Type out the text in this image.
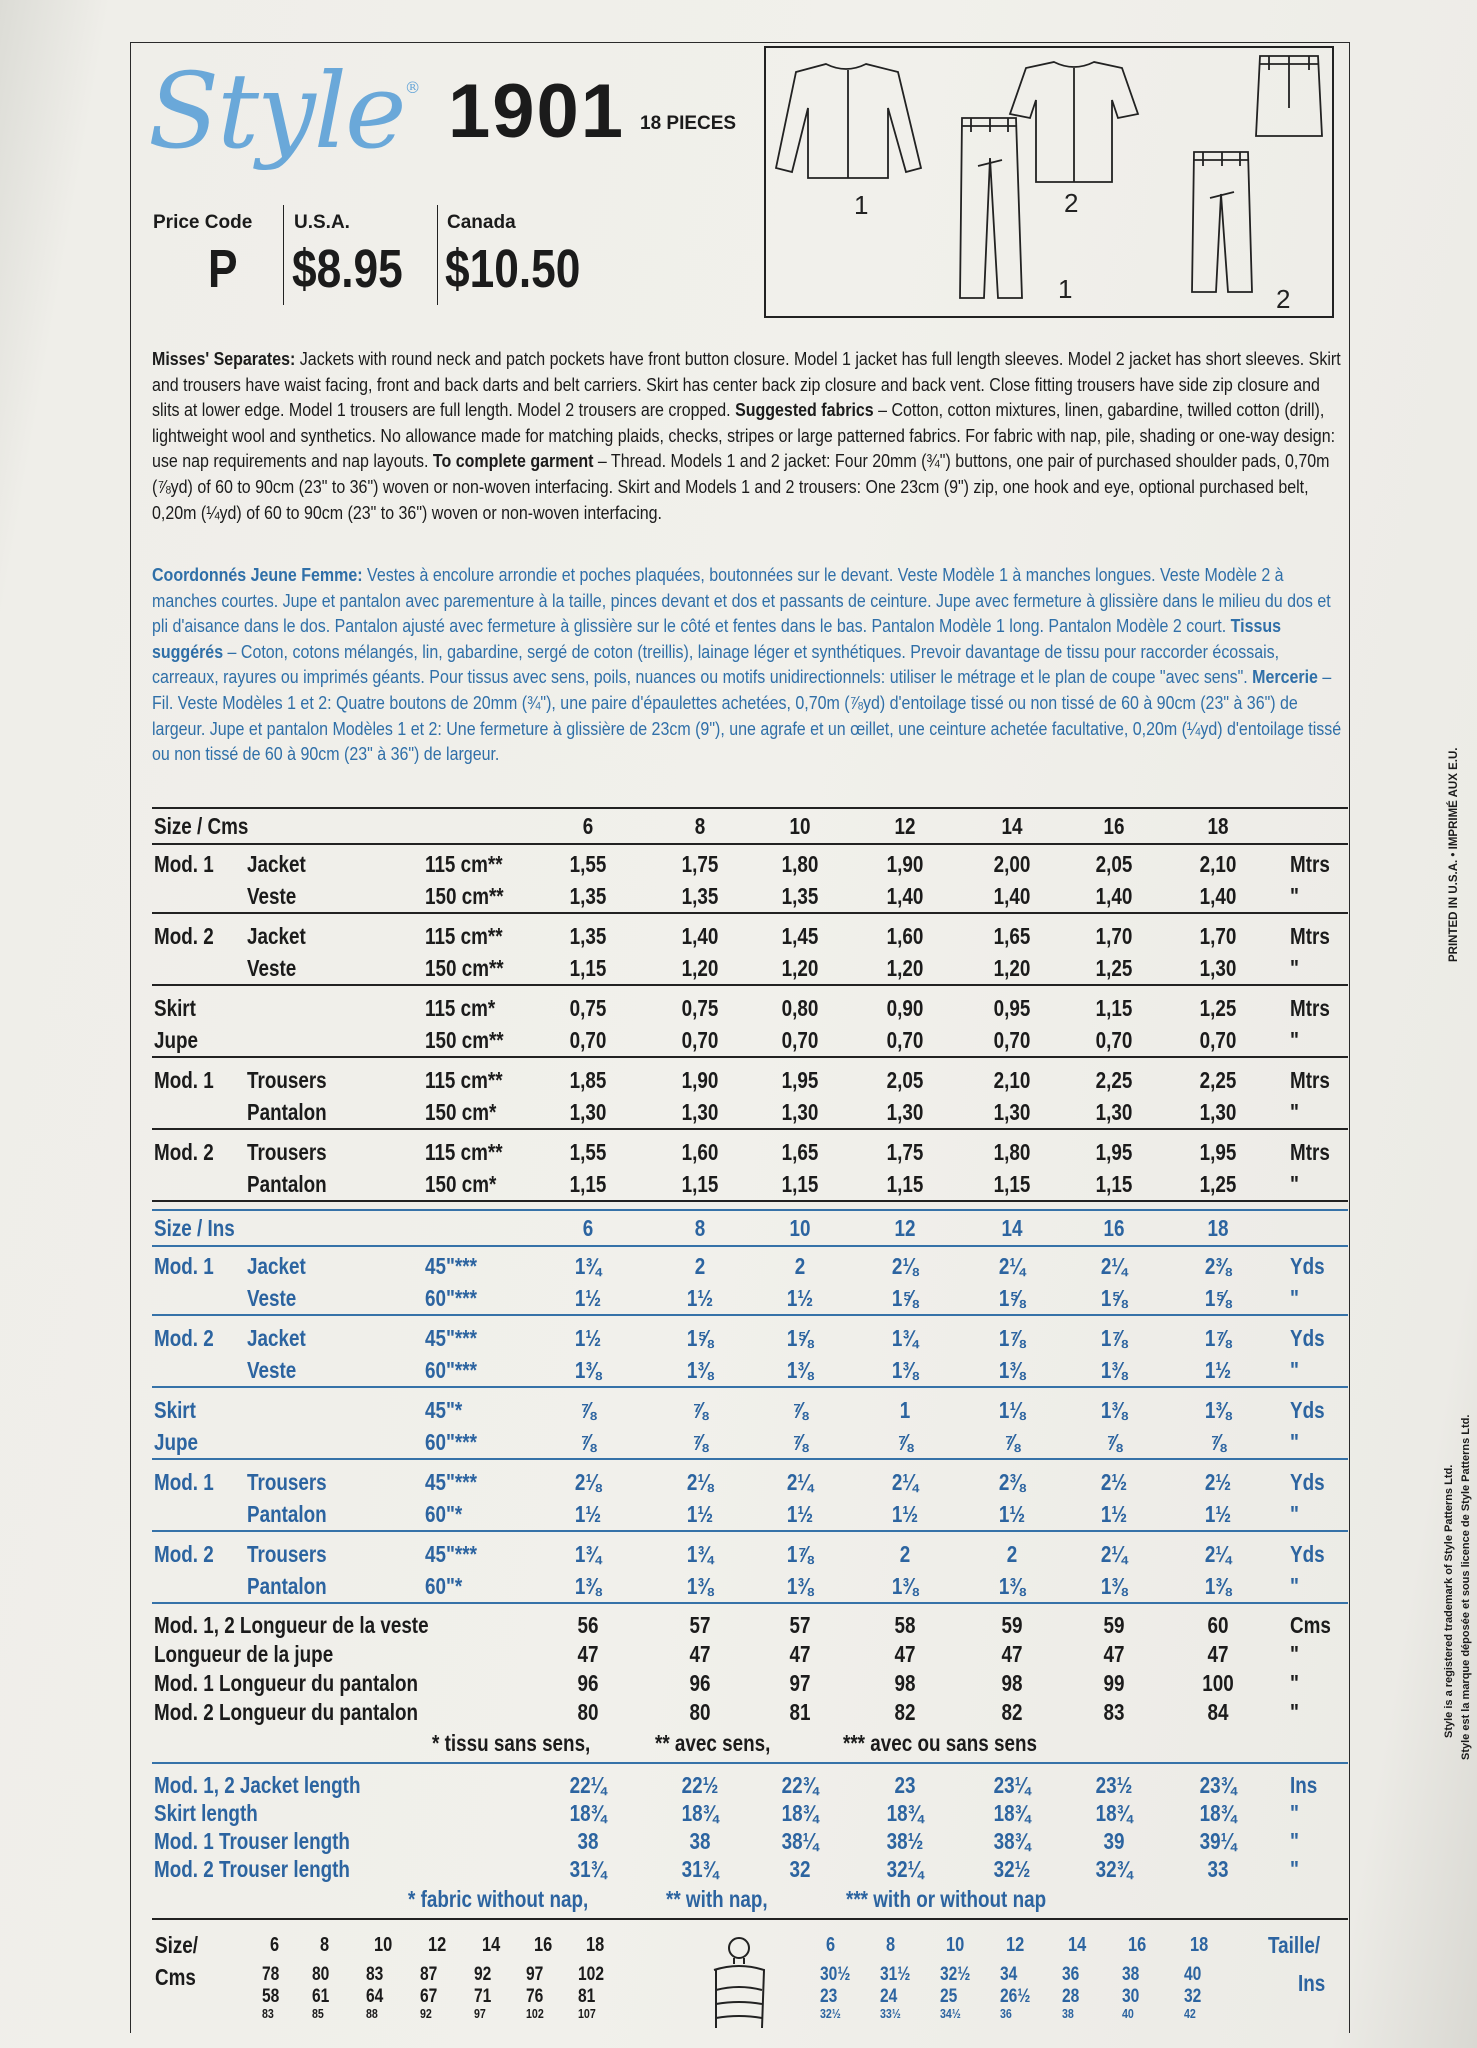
Style® 1901 18 PIECES
Price Code
P
U.S.A.
$8.95
Canada
$10.50
1	2
1	2
Misses' Separates: Jackets with round neck and patch pockets have front button closure. Model 1 jacket has full length sleeves. Model 2 jacket has short sleeves. Skirt and trousers have waist facing, front and back darts and belt carriers. Skirt has center back zip closure and back vent. Close fitting trousers have side zip closure and slits at lower edge. Model 1 trousers are full length. Model 2 trousers are cropped. Suggested fabrics – Cotton, cotton mixtures, linen, gabardine, twilled cotton (drill), lightweight wool and synthetics. No allowance made for matching plaids, checks, stripes or large patterned fabrics. For fabric with nap, pile, shading or one-way design: use nap requirements and nap layouts. To complete garment – Thread. Models 1 and 2 jacket: Four 20mm (¾") buttons, one pair of purchased shoulder pads, 0,70m (⅞yd) of 60 to 90cm (23" to 36") woven or non-woven interfacing. Skirt and Models 1 and 2 trousers: One 23cm (9") zip, one hook and eye, optional purchased belt, 0,20m (¼yd) of 60 to 90cm (23" to 36") woven or non-woven interfacing.
Coordonnés Jeune Femme: Vestes à encolure arrondie et poches plaquées, boutonnées sur le devant. Veste Modèle 1 à manches longues. Veste Modèle 2 à manches courtes. Jupe et pantalon avec parementure à la taille, pinces devant et dos et passants de ceinture. Jupe avec fermeture à glissière dans le milieu du dos et pli d'aisance dans le dos. Pantalon ajusté avec fermeture à glissière sur le côté et fentes dans le bas. Pantalon Modèle 1 long. Pantalon Modèle 2 court. Tissus suggérés – Coton, cotons mélangés, lin, gabardine, sergé de coton (treillis), lainage léger et synthétiques. Prevoir davantage de tissu pour raccorder écossais, carreaux, rayures ou imprimés géants. Pour tissus avec sens, poils, nuances ou motifs unidirectionnels: utiliser le métrage et le plan de coupe "avec sens". Mercerie – Fil. Veste Modèles 1 et 2: Quatre boutons de 20mm (¾"), une paire d'épaulettes achetées, 0,70m (⅞yd) d'entoilage tissé ou non tissé de 60 à 90cm (23" à 36") de largeur. Jupe et pantalon Modèles 1 et 2: Une fermeture à glissière de 23cm (9"), une agrafe et un œillet, une ceinture achetée facultative, 0,20m (¼yd) d'entoilage tissé ou non tissé de 60 à 90cm (23" à 36") de largeur.
Size / Cms	6	8	10	12	14	16	18
Mod. 1 Jacket	115 cm**	1,55	1,75	1,80	1,90	2,00	2,05	2,10	Mtrs
Veste	150 cm**	1,35	1,35	1,35	1,40	1,40	1,40	1,40	"
Mod. 2 Jacket	115 cm**	1,35	1,40	1,45	1,60	1,65	1,70	1,70	Mtrs
Veste	150 cm**	1,15	1,20	1,20	1,20	1,20	1,25	1,30	"
Skirt	115 cm*	0,75	0,75	0,80	0,90	0,95	1,15	1,25	Mtrs
Jupe	150 cm**	0,70	0,70	0,70	0,70	0,70	0,70	0,70	"
Mod. 1 Trousers	115 cm**	1,85	1,90	1,95	2,05	2,10	2,25	2,25	Mtrs
Pantalon	150 cm*	1,30	1,30	1,30	1,30	1,30	1,30	1,30	"
Mod. 2 Trousers	115 cm**	1,55	1,60	1,65	1,75	1,80	1,95	1,95	Mtrs
Pantalon	150 cm*	1,15	1,15	1,15	1,15	1,15	1,15	1,25	"
Size / Ins	6	8	10	12	14	16	18
Mod. 1 Jacket	45"***	1¾	2	2	2⅛	2¼	2¼	2⅜	Yds
Veste	60"***	1½	1½	1½	1⅝	1⅝	1⅝	1⅝	"
Mod. 2 Jacket	45"***	1½	1⅝	1⅝	1¾	1⅞	1⅞	1⅞	Yds
Veste	60"***	1⅜	1⅜	1⅜	1⅜	1⅜	1⅜	1½	"
Skirt	45"*	⅞	⅞	⅞	1	1⅛	1⅜	1⅜	Yds
Jupe	60"***	⅞	⅞	⅞	⅞	⅞	⅞	⅞	"
Mod. 1 Trousers	45"***	2⅛	2⅛	2¼	2¼	2⅜	2½	2½	Yds
Pantalon	60"*	1½	1½	1½	1½	1½	1½	1½	"
Mod. 2 Trousers	45"***	1¾	1¾	1⅞	2	2	2¼	2¼	Yds
Pantalon	60"*	1⅜	1⅜	1⅜	1⅜	1⅜	1⅜	1⅜	"
Mod. 1, 2 Longueur de la veste	56	57	57	58	59	59	60	Cms
Longueur de la jupe	47	47	47	47	47	47	47	"
Mod. 1 Longueur du pantalon	96	96	97	98	98	99	100	"
Mod. 2 Longueur du pantalon	80	80	81	82	82	83	84	"
* tissu sans sens,	** avec sens,	*** avec ou sans sens
Mod. 1, 2 Jacket length	22¼	22½	22¾	23	23¼	23½	23¾	Ins
Skirt length	18¾	18¾	18¾	18¾	18¾	18¾	18¾	"
Mod. 1 Trouser length	38	38	38¼	38½	38¾	39	39¼	"
Mod. 2 Trouser length	31¾	31¾	32	32¼	32½	32¾	33	"
* fabric without nap,	** with nap,	*** with or without nap
Size/
Cms
6 8 10 12 14 16 18
78 80 83 87 92 97 102
58 61 64 67 71 76 81
83	85	88	92	97	102	107
6	8	10 12 14 16 18
30½ 31½ 32½ 34 36 38 40
23 24 25 26½ 28 30 32
32½	33½	34½	36	38	40	42
Taille/
Ins
PRINTED IN U.S.A. • IMPRIMÉ AUX E.U.
Style is a registered trademark of Style Patterns Ltd. Style est la marque déposée et sous licence de Style Patterns Ltd.
